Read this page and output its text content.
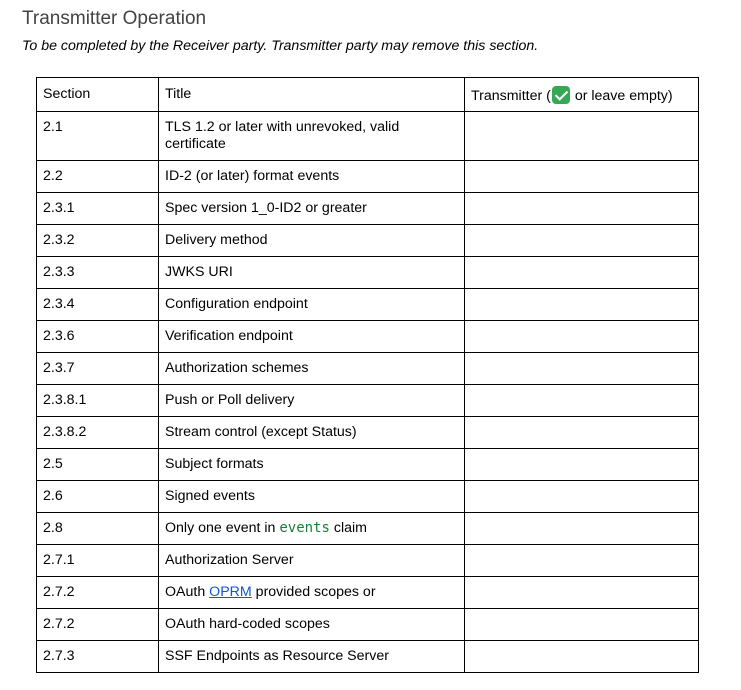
Transmitter Operation

To be completed by the Receiver party. Transmitter party may remove this section.

Section	Title	Transmitter ( or leave empty)
2.1	TLS 1.2 or later with unrevoked, valid certificate	
2.2	ID-2 (or later) format events	
2.3.1	Spec version 1_0-ID2 or greater	
2.3.2	Delivery method	
2.3.3	JWKS URI	
2.3.4	Configuration endpoint	
2.3.6	Verification endpoint	
2.3.7	Authorization schemes	
2.3.8.1	Push or Poll delivery	
2.3.8.2	Stream control (except Status)	
2.5	Subject formats	
2.6	Signed events	
2.8	Only one event in events claim	
2.7.1	Authorization Server	
2.7.2	OAuth OPRM provided scopes or	
2.7.2	OAuth hard-coded scopes	
2.7.3	SSF Endpoints as Resource Server	
